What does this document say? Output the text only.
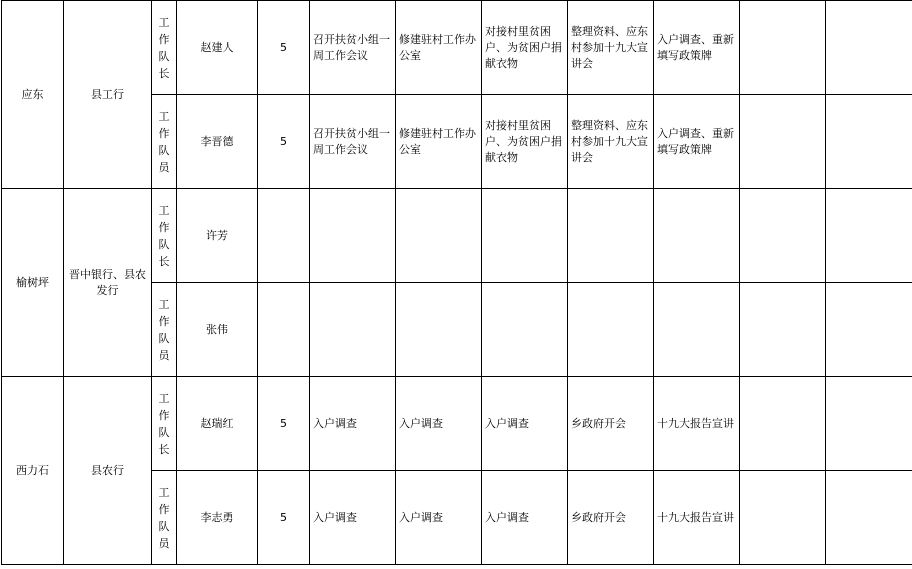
应东	县工行	工作队长	赵建人	5	召开扶贫小组一周工作会议	修建驻村工作办公室	对接村里贫困户、为贫困户捐献衣物	整理资料、应东村参加十九大宣讲会	入户调查、重新填写政策牌		
		工作队员	李晋德	5	召开扶贫小组一周工作会议	修建驻村工作办公室	对接村里贫困户、为贫困户捐献衣物	整理资料、应东村参加十九大宣讲会	入户调查、重新填写政策牌		
榆树坪	晋中银行、县农发行	工作队长	许芳								
		工作队员	张伟								
西力石	县农行	工作队长	赵瑞红	5	入户调查	入户调查	入户调查	乡政府开会	十九大报告宣讲		
		工作队员	李志勇	5	入户调查	入户调查	入户调查	乡政府开会	十九大报告宣讲		
